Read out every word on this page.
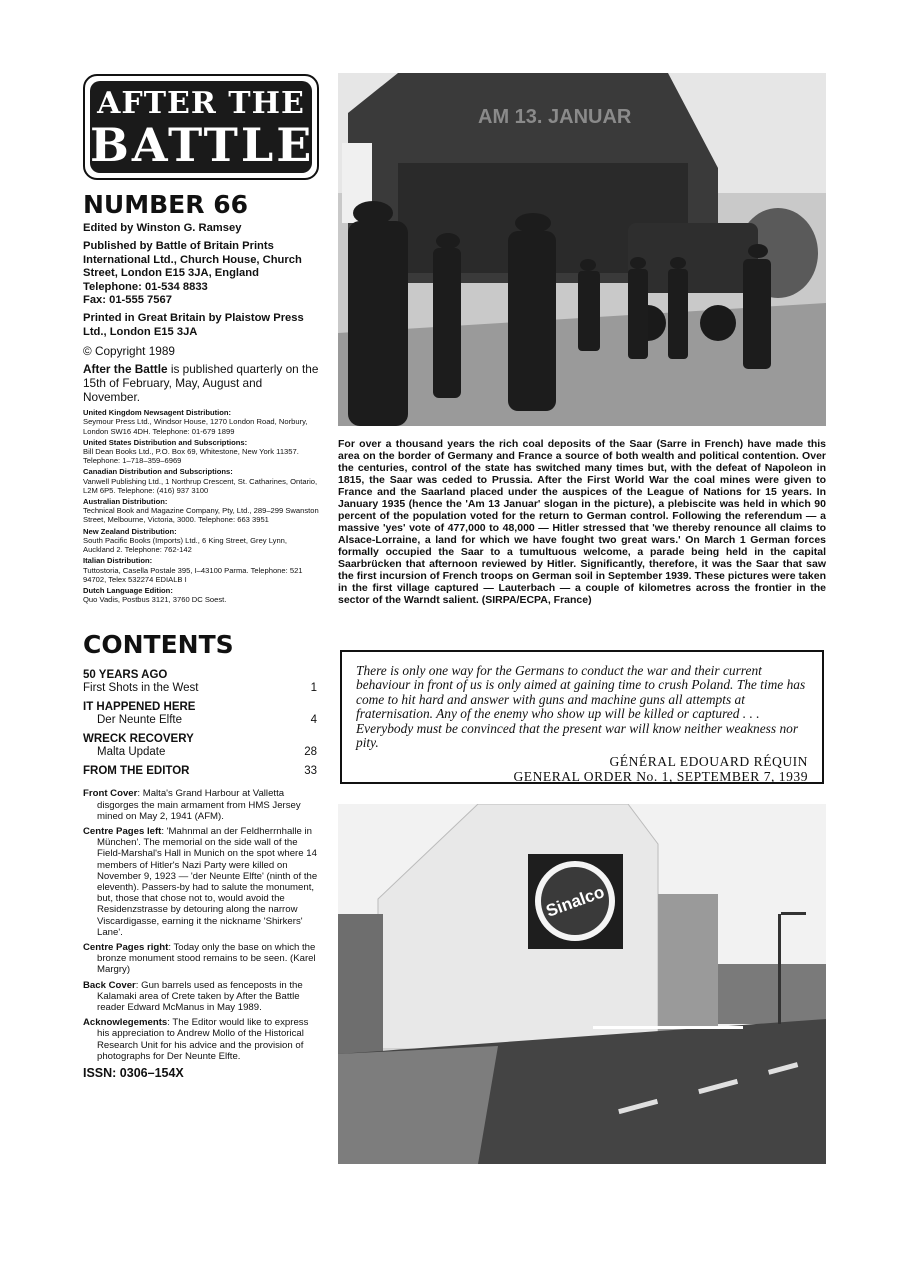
AFTER THE
BATTLE
NUMBER 66
Edited by Winston G. Ramsey
Published by Battle of Britain Prints International Ltd., Church House, Church Street, London E15 3JA, England
Telephone: 01-534 8833
Fax: 01-555 7567
Printed in Great Britain by Plaistow Press Ltd., London E15 3JA
© Copyright 1989
After the Battle is published quarterly on the 15th of February, May, August and November.
United Kingdom Newsagent Distribution:
Seymour Press Ltd., Windsor House, 1270 London Road, Norbury, London SW16 4DH. Telephone: 01-679 1899
United States Distribution and Subscriptions:
Bill Dean Books Ltd., P.O. Box 69, Whitestone, New York 11357. Telephone: 1–718–359–6969
Canadian Distribution and Subscriptions:
Vanwell Publishing Ltd., 1 Northrup Crescent, St. Catharines, Ontario, L2M 6P5. Telephone: (416) 937 3100
Australian Distribution:
Technical Book and Magazine Company, Pty, Ltd., 289–299 Swanston Street, Melbourne, Victoria, 3000. Telephone: 663 3951
New Zealand Distribution:
South Pacific Books (Imports) Ltd., 6 King Street, Grey Lynn, Auckland 2. Telephone: 762-142
Italian Distribution:
Tuttostoria, Casella Postale 395, I–43100 Parma. Telephone: 521 94702, Telex 532274 EDIALB I
Dutch Language Edition:
Quo Vadis, Postbus 3121, 3760 DC Soest.
CONTENTS
50 YEARS AGO
First Shots in the West	1
IT HAPPENED HERE
Der Neunte Elfte	4
WRECK RECOVERY
Malta Update	28
FROM THE EDITOR	33
Front Cover: Malta's Grand Harbour at Valletta disgorges the main armament from HMS Jersey mined on May 2, 1941 (AFM).
Centre Pages left: 'Mahnmal an der Feldherrnhalle in München'. The memorial on the side wall of the Field-Marshal's Hall in Munich on the spot where 14 members of Hitler's Nazi Party were killed on November 9, 1923 — 'der Neunte Elfte' (ninth of the eleventh). Passers-by had to salute the monument, but, those that chose not to, would avoid the Residenzstrasse by detouring along the narrow Viscardigasse, earning it the nickname 'Shirkers' Lane'.
Centre Pages right: Today only the base on which the bronze monument stood remains to be seen. (Karel Margry)
Back Cover: Gun barrels used as fenceposts in the Kalamaki area of Crete taken by After the Battle reader Edward McManus in May 1989.
Acknowlegements: The Editor would like to express his appreciation to Andrew Mollo of the Historical Research Unit for his advice and the provision of photographs for Der Neunte Elfte.
ISSN: 0306–154X
AM 13. JANUAR
For over a thousand years the rich coal deposits of the Saar (Sarre in French) have made this area on the border of Germany and France a source of both wealth and political contention. Over the centuries, control of the state has switched many times but, with the defeat of Napoleon in 1815, the Saar was ceded to Prussia. After the First World War the coal mines were given to France and the Saarland placed under the auspices of the League of Nations for 15 years. In January 1935 (hence the 'Am 13 Januar' slogan in the picture), a plebiscite was held in which 90 percent of the population voted for the return to German control. Following the referendum — a massive 'yes' vote of 477,000 to 48,000 — Hitler stressed that 'we thereby renounce all claims to Alsace-Lorraine, a land for which we have fought two great wars.' On March 1 German forces formally occupied the Saar to a tumultuous welcome, a parade being held in the capital Saarbrücken that afternoon reviewed by Hitler. Significantly, therefore, it was the Saar that saw the first incursion of French troops on German soil in September 1939. These pictures were taken in the first village captured — Lauterbach — a couple of kilometres across the frontier in the sector of the Warndt salient. (SIRPA/ECPA, France)

There is only one way for the Germans to conduct the war and their current behaviour in front of us is only aimed at gaining time to crush Poland. The time has come to hit hard and answer with guns and machine guns all attempts at fraternisation. Any of the enemy who show up will be killed or captured . . . Everybody must be convinced that the present war will know neither weakness nor pity.

GÉNÉRAL EDOUARD RÉQUIN

GENERAL ORDER No. 1, SEPTEMBER 7, 1939

Sinalco
